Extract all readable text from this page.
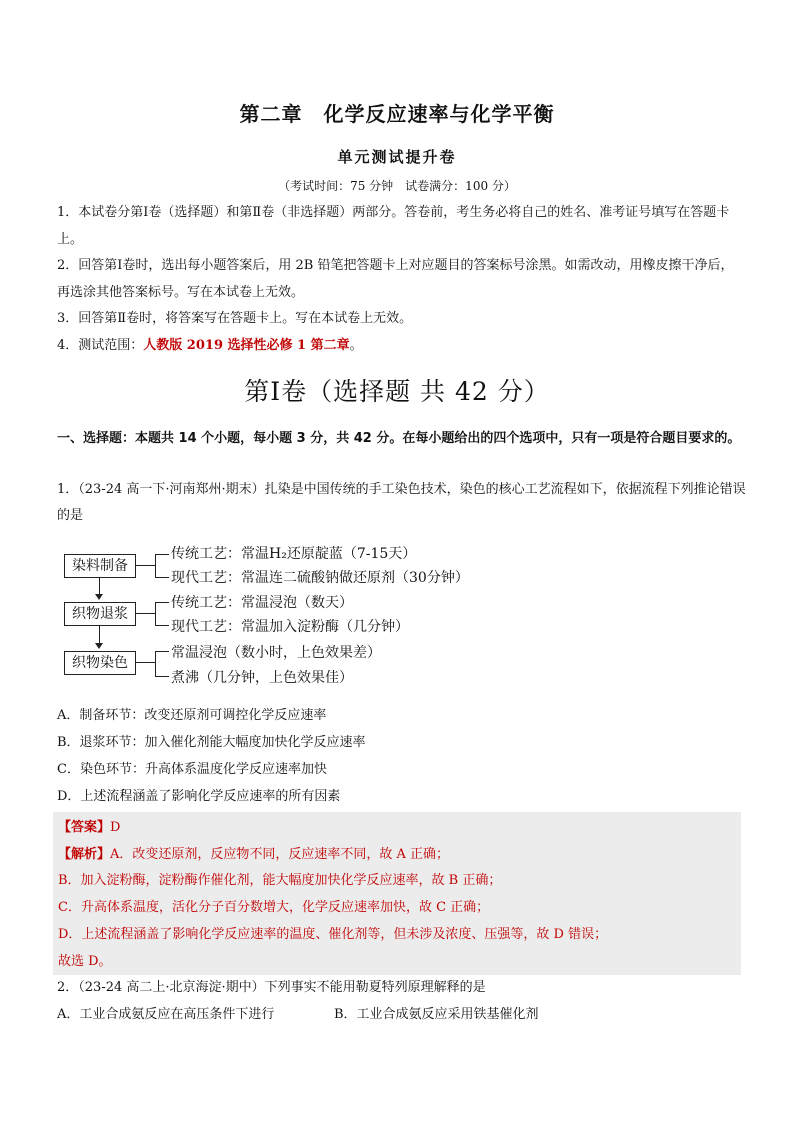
第二章　化学反应速率与化学平衡
单元测试提升卷
（考试时间：75 分钟　试卷满分：100 分）

1．本试卷分第Ⅰ卷（选择题）和第Ⅱ卷（非选择题）两部分。答卷前，考生务必将自己的姓名、准考证号填写在答题卡上。

2．回答第Ⅰ卷时，选出每小题答案后，用 2B 铅笔把答题卡上对应题目的答案标号涂黑。如需改动，用橡皮擦干净后，再选涂其他答案标号。写在本试卷上无效。

3．回答第Ⅱ卷时，将答案写在答题卡上。写在本试卷上无效。

4．测试范围：人教版 2019 选择性必修 1 第二章。

第Ⅰ卷（选择题 共 42 分）
一、选择题：本题共 14 个小题，每小题 3 分，共 42 分。在每小题给出的四个选项中，只有一项是符合题目要求的。
1．（23-24 高一下·河南郑州·期末）扎染是中国传统的手工染色技术，染色的核心工艺流程如下，依据流程下列推论错误的是
染料制备
传统工艺：常温H₂还原靛蓝（7-15天）
现代工艺：常温连二硫酸钠做还原剂（30分钟）
织物退浆
传统工艺：常温浸泡（数天）
现代工艺：常温加入淀粉酶（几分钟）
织物染色
常温浸泡（数小时，上色效果差）
煮沸（几分钟，上色效果佳）

A．制备环节：改变还原剂可调控化学反应速率

B．退浆环节：加入催化剂能大幅度加快化学反应速率

C．染色环节：升高体系温度化学反应速率加快

D．上述流程涵盖了影响化学反应速率的所有因素

【答案】D

【解析】A．改变还原剂，反应物不同，反应速率不同，故 A 正确；

B．加入淀粉酶，淀粉酶作催化剂，能大幅度加快化学反应速率，故 B 正确；

C．升高体系温度，活化分子百分数增大，化学反应速率加快，故 C 正确；

D．上述流程涵盖了影响化学反应速率的温度、催化剂等，但未涉及浓度、压强等，故 D 错误；

故选 D。

2．（23-24 高二上·北京海淀·期中）下列事实不能用勒夏特列原理解释的是

A．工业合成氨反应在高压条件下进行	B．工业合成氨反应采用铁基催化剂
